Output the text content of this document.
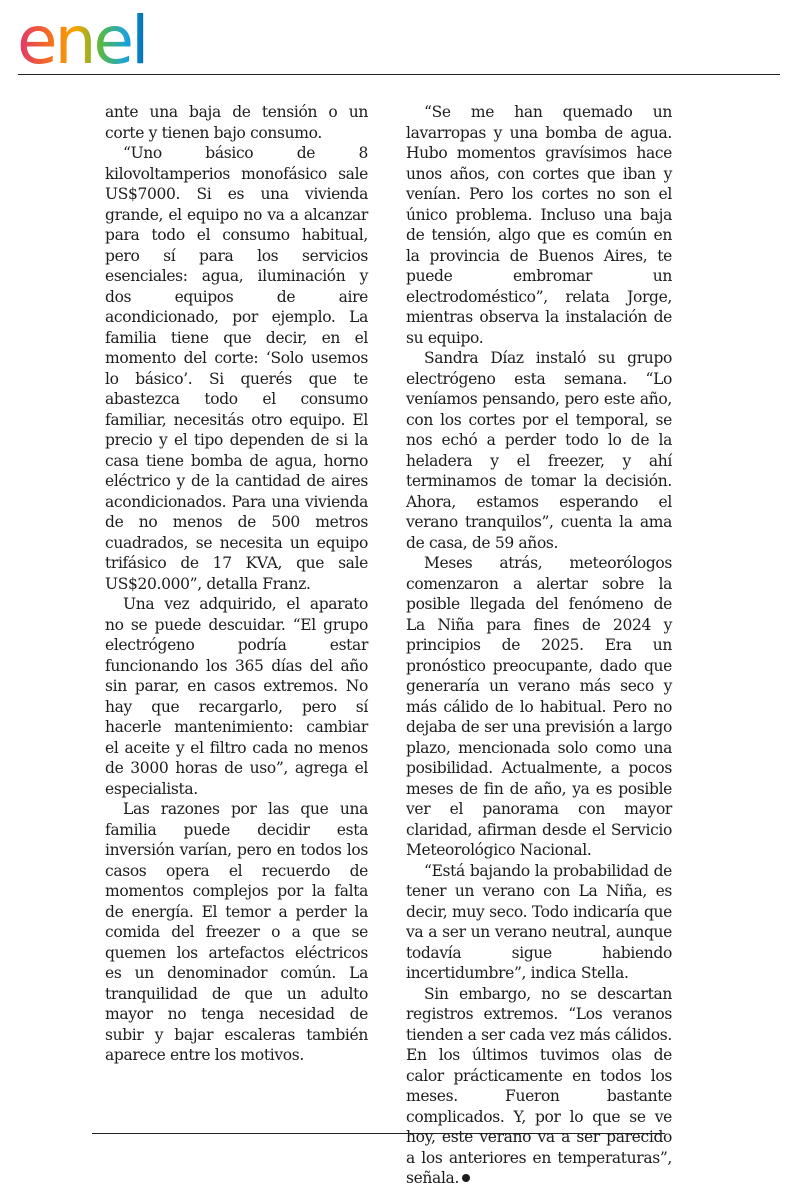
enel

ante una baja de tensión o un corte y tienen bajo consumo.

“Uno básico de 8 kilovoltamperios monofásico sale US$7000. Si es una vivienda grande, el equipo no va a alcanzar para todo el consumo habitual, pero sí para los servicios esenciales: agua, iluminación y dos equipos de aire acondicionado, por ejemplo. La familia tiene que decir, en el momento del corte: ‘Solo usemos lo básico’. Si querés que te abastezca todo el consumo familiar, necesitás otro equipo. El precio y el tipo dependen de si la casa tiene bomba de agua, horno eléctrico y de la cantidad de aires acondicionados. Para una vivienda de no menos de 500 metros cuadrados, se necesita un equipo trifásico de 17 KVA, que sale US$20.000”, detalla Franz.

Una vez adquirido, el aparato no se puede descuidar. “El grupo electrógeno podría estar funcionando los 365 días del año sin parar, en casos extremos. No hay que recargarlo, pero sí hacerle mantenimiento: cambiar el aceite y el filtro cada no menos de 3000 horas de uso”, agrega el especialista.

Las razones por las que una familia puede decidir esta inversión varían, pero en todos los casos opera el recuerdo de momentos complejos por la falta de energía. El temor a perder la comida del freezer o a que se quemen los artefactos eléctricos es un denominador común. La tranquilidad de que un adulto mayor no tenga necesidad de subir y bajar escaleras también aparece entre los motivos.

“Se me han quemado un lavarropas y una bomba de agua. Hubo momentos gravísimos hace unos años, con cortes que iban y venían. Pero los cortes no son el único problema. Incluso una baja de tensión, algo que es común en la provincia de Buenos Aires, te puede embromar un electrodoméstico”, relata Jorge, mientras observa la instalación de su equipo.

Sandra Díaz instaló su grupo electrógeno esta semana. “Lo veníamos pensando, pero este año, con los cortes por el temporal, se nos echó a perder todo lo de la heladera y el freezer, y ahí terminamos de tomar la decisión. Ahora, estamos esperando el verano tranquilos”, cuenta la ama de casa, de 59 años.

Meses atrás, meteorólogos comenzaron a alertar sobre la posible llegada del fenómeno de La Niña para fines de 2024 y principios de 2025. Era un pronóstico preocupante, dado que generaría un verano más seco y más cálido de lo habitual. Pero no dejaba de ser una previsión a largo plazo, mencionada solo como una posibilidad. Actualmente, a pocos meses de fin de año, ya es posible ver el panorama con mayor claridad, afirman desde el Servicio Meteorológico Nacional.

“Está bajando la probabilidad de tener un verano con La Niña, es decir, muy seco. Todo indicaría que va a ser un verano neutral, aunque todavía sigue habiendo incertidumbre”, indica Stella.

Sin embargo, no se descartan registros extremos. “Los veranos tienden a ser cada vez más cálidos. En los últimos tuvimos olas de calor prácticamente en todos los meses. Fueron bastante complicados. Y, por lo que se ve hoy, este verano va a ser parecido a los anteriores en temperaturas”, señala.
